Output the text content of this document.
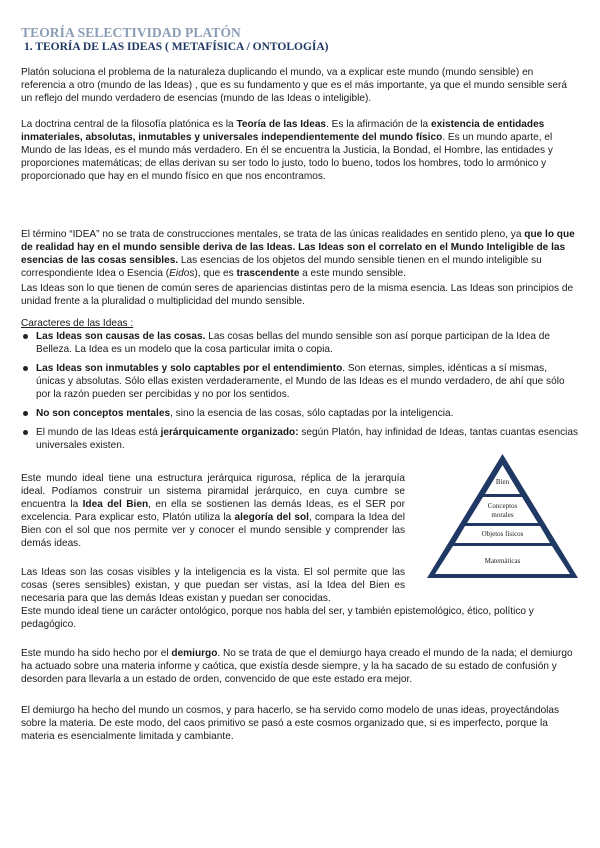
TEORÍA SELECTIVIDAD PLATÓN
1. TEORÍA DE LAS IDEAS ( METAFÍSICA / ONTOLOGÍA)

Platón soluciona el problema de la naturaleza duplicando el mundo, va a explicar este mundo (mundo sensible) en referencia a otro (mundo de las Ideas) , que es su fundamento y que es el más importante, ya que el mundo sensible será un reflejo del mundo verdadero de esencias (mundo de las Ideas o inteligible).

La doctrina central de la filosofía platónica es la Teoría de las Ideas. Es la afirmación de la existencia de entidades inmateriales, absolutas, inmutables y universales independientemente del mundo físico. Es un mundo aparte, el Mundo de las Ideas, es el mundo más verdadero. En él se encuentra la Justicia, la Bondad, el Hombre, las entidades y proporciones matemáticas; de ellas derivan su ser todo lo justo, todo lo bueno, todos los hombres, todo lo armónico y proporcionado que hay en el mundo físico en que nos encontramos.

El término “IDEA” no se trata de construcciones mentales, se trata de las únicas realidades en sentido pleno, ya que lo que de realidad hay en el mundo sensible deriva de las Ideas. Las Ideas son el correlato en el Mundo Inteligible de las esencias de las cosas sensibles. Las esencias de los objetos del mundo sensible tienen en el mundo inteligible su correspondiente Idea o Esencia (Eidos), que es trascendente a este mundo sensible.

Las Ideas son lo que tienen de común seres de apariencias distintas pero de la misma esencia. Las Ideas son principios de unidad frente a la pluralidad o multiplicidad del mundo sensible.

Caracteres de las Ideas :

Las Ideas son causas de las cosas. Las cosas bellas del mundo sensible son así porque participan de la Idea de Belleza. La Idea es un modelo que la cosa particular imita o copia.
Las Ideas son inmutables y solo captables por el entendimiento. Son eternas, simples, idénticas a sí mismas, únicas y absolutas. Sólo ellas existen verdaderamente, el Mundo de las Ideas es el mundo verdadero, de ahí que sólo por la razón pueden ser percibidas y no por los sentidos.
No son conceptos mentales, sino la esencia de las cosas, sólo captadas por la inteligencia.
El mundo de las Ideas está jerárquicamente organizado: según Platón, hay infinidad de Ideas, tantas cuantas esencias universales existen.

Este mundo ideal tiene una estructura jerárquica rigurosa, réplica de la jerarquía ideal. Podíamos construir un sistema piramidal jerárquico, en cuya cumbre se encuentra la Idea del Bien, en ella se sostienen las demás Ideas, es el SER por excelencia. Para explicar esto, Platón utiliza la alegoría del sol, compara la Idea del Bien con el sol que nos permite ver y conocer el mundo sensible y comprender las demás ideas.

Bien
Conceptos morales
Objetos físicos
Matemáticas

Las Ideas son las cosas visibles y la inteligencia es la vista. El sol permite que las cosas (seres sensibles) existan, y que puedan ser vistas, así la Idea del Bien es necesaria para que las demás Ideas existan y puedan ser conocidas.

Este mundo ideal tiene un carácter ontológico, porque nos habla del ser, y también epistemológico, ético, político y pedagógico.

Este mundo ha sido hecho por el demiurgo. No se trata de que el demiurgo haya creado el mundo de la nada; el demiurgo ha actuado sobre una materia informe y caótica, que existía desde siempre, y la ha sacado de su estado de confusión y desorden para llevarla a un estado de orden, convencido de que este estado era mejor.

El demiurgo ha hecho del mundo un cosmos, y para hacerlo, se ha servido como modelo de unas ideas, proyectándolas sobre la materia. De este modo, del caos primitivo se pasó a este cosmos organizado que, si es imperfecto, porque la materia es esencialmente limitada y cambiante.
